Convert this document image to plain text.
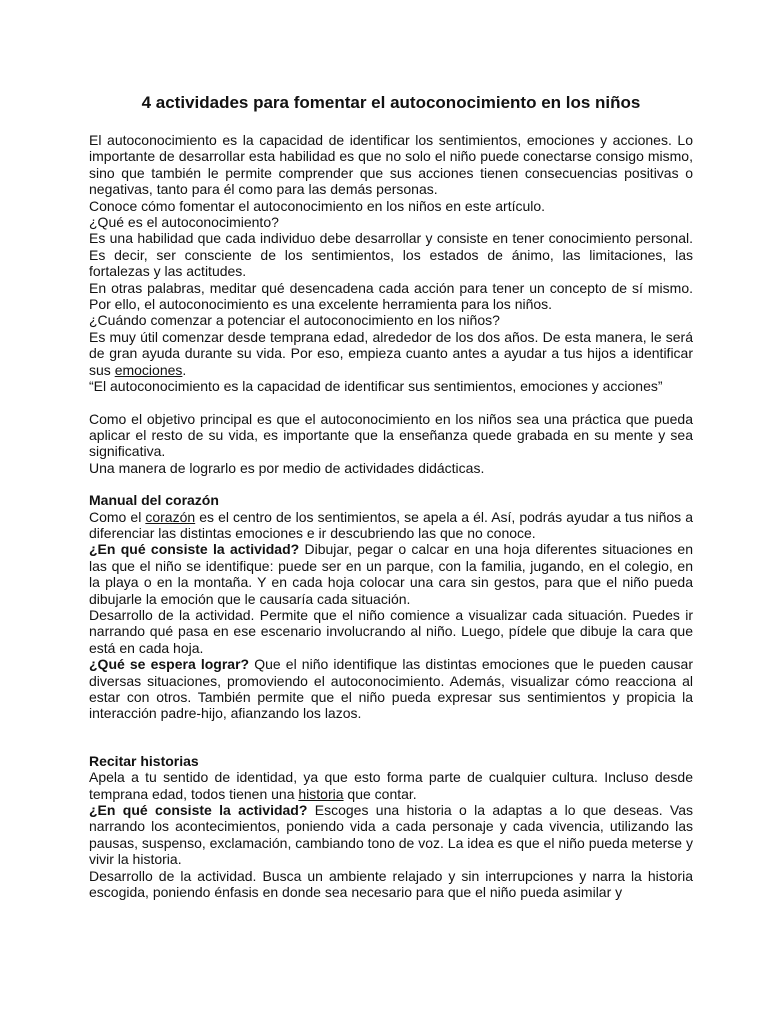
4 actividades para fomentar el autoconocimiento en los niños

El autoconocimiento es la capacidad de identificar los sentimientos, emociones y acciones. Lo importante de desarrollar esta habilidad es que no solo el niño puede conectarse consigo mismo, sino que también le permite comprender que sus acciones tienen consecuencias positivas o negativas, tanto para él como para las demás personas.

Conoce cómo fomentar el autoconocimiento en los niños en este artículo.

¿Qué es el autoconocimiento?

Es una habilidad que cada individuo debe desarrollar y consiste en tener conocimiento personal. Es decir, ser consciente de los sentimientos, los estados de ánimo, las limitaciones, las fortalezas y las actitudes.

En otras palabras, meditar qué desencadena cada acción para tener un concepto de sí mismo. Por ello, el autoconocimiento es una excelente herramienta para los niños.

¿Cuándo comenzar a potenciar el autoconocimiento en los niños?

Es muy útil comenzar desde temprana edad, alrededor de los dos años. De esta manera, le será de gran ayuda durante su vida. Por eso, empieza cuanto antes a ayudar a tus hijos a identificar sus emociones.

“El autoconocimiento es la capacidad de identificar sus sentimientos, emociones y acciones”

Como el objetivo principal es que el autoconocimiento en los niños sea una práctica que pueda aplicar el resto de su vida, es importante que la enseñanza quede grabada en su mente y sea significativa.

Una manera de lograrlo es por medio de actividades didácticas.

Manual del corazón

Como el corazón es el centro de los sentimientos, se apela a él. Así, podrás ayudar a tus niños a diferenciar las distintas emociones e ir descubriendo las que no conoce.

¿En qué consiste la actividad? Dibujar, pegar o calcar en una hoja diferentes situaciones en las que el niño se identifique: puede ser en un parque, con la familia, jugando, en el colegio, en la playa o en la montaña. Y en cada hoja colocar una cara sin gestos, para que el niño pueda dibujarle la emoción que le causaría cada situación.

Desarrollo de la actividad. Permite que el niño comience a visualizar cada situación. Puedes ir narrando qué pasa en ese escenario involucrando al niño. Luego, pídele que dibuje la cara que está en cada hoja.

¿Qué se espera lograr? Que el niño identifique las distintas emociones que le pueden causar diversas situaciones, promoviendo el autoconocimiento. Además, visualizar cómo reacciona al estar con otros. También permite que el niño pueda expresar sus sentimientos y propicia la interacción padre-hijo, afianzando los lazos.

Recitar historias

Apela a tu sentido de identidad, ya que esto forma parte de cualquier cultura. Incluso desde temprana edad, todos tienen una historia que contar.

¿En qué consiste la actividad? Escoges una historia o la adaptas a lo que deseas. Vas narrando los acontecimientos, poniendo vida a cada personaje y cada vivencia, utilizando las pausas, suspenso, exclamación, cambiando tono de voz. La idea es que el niño pueda meterse y vivir la historia.

Desarrollo de la actividad. Busca un ambiente relajado y sin interrupciones y narra la historia escogida, poniendo énfasis en donde sea necesario para que el niño pueda asimilar y
